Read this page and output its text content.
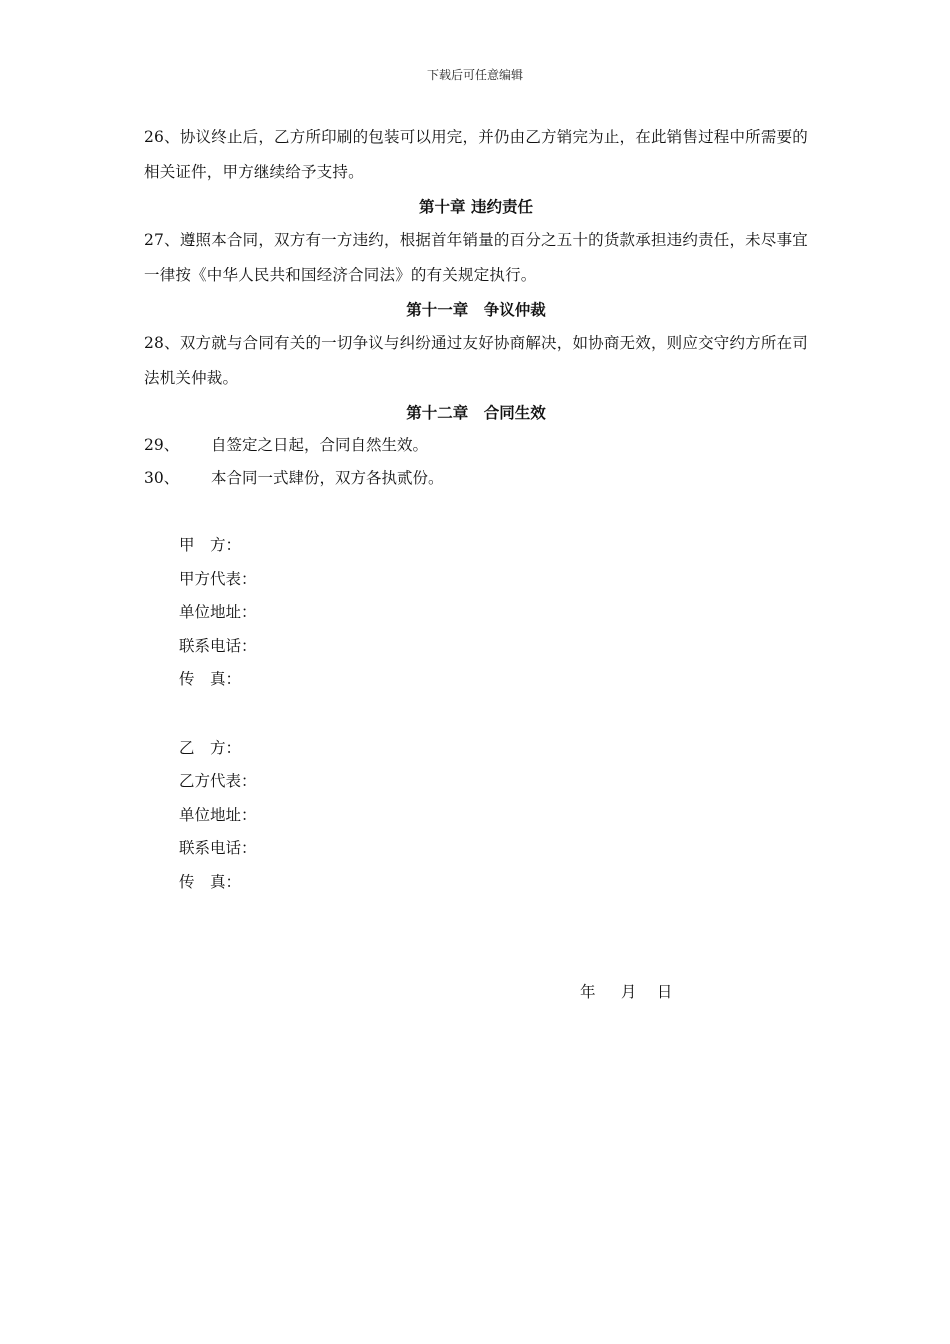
下载后可任意编辑

26、协议终止后，乙方所印刷的包装可以用完，并仍由乙方销完为止，在此销售过程中所需要的相关证件，甲方继续给予支持。

第十章 违约责任

27、遵照本合同，双方有一方违约，根据首年销量的百分之五十的货款承担违约责任，未尽事宜一律按《中华人民共和国经济合同法》的有关规定执行。

第十一章　争议仲裁

28、双方就与合同有关的一切争议与纠纷通过友好协商解决，如协商无效，则应交守约方所在司法机关仲裁。

第十二章　合同生效

29、	自签定之日起，合同自然生效。
30、	本合同一式肆份，双方各执贰份。
甲　方：
甲方代表：
单位地址：
联系电话：
传　真：
乙　方：
乙方代表：
单位地址：
联系电话：
传　真：
年　 月　 日
